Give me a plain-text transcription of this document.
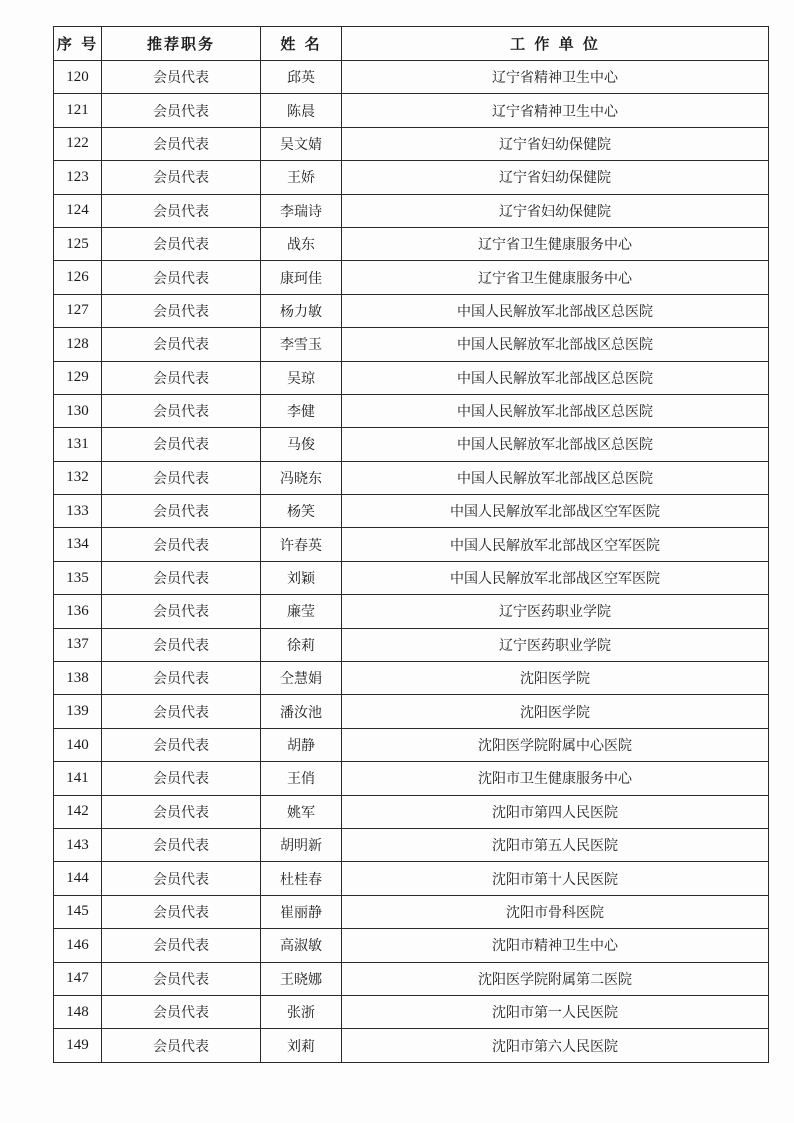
序 号	推荐职务	姓 名	工 作 单 位
120	会员代表	邱英	辽宁省精神卫生中心
121	会员代表	陈晨	辽宁省精神卫生中心
122	会员代表	吴文婧	辽宁省妇幼保健院
123	会员代表	王娇	辽宁省妇幼保健院
124	会员代表	李瑞诗	辽宁省妇幼保健院
125	会员代表	战东	辽宁省卫生健康服务中心
126	会员代表	康珂佳	辽宁省卫生健康服务中心
127	会员代表	杨力敏	中国人民解放军北部战区总医院
128	会员代表	李雪玉	中国人民解放军北部战区总医院
129	会员代表	吴琼	中国人民解放军北部战区总医院
130	会员代表	李健	中国人民解放军北部战区总医院
131	会员代表	马俊	中国人民解放军北部战区总医院
132	会员代表	冯晓东	中国人民解放军北部战区总医院
133	会员代表	杨笑	中国人民解放军北部战区空军医院
134	会员代表	许春英	中国人民解放军北部战区空军医院
135	会员代表	刘颖	中国人民解放军北部战区空军医院
136	会员代表	廉莹	辽宁医药职业学院
137	会员代表	徐莉	辽宁医药职业学院
138	会员代表	仝慧娟	沈阳医学院
139	会员代表	潘汝池	沈阳医学院
140	会员代表	胡静	沈阳医学院附属中心医院
141	会员代表	王俏	沈阳市卫生健康服务中心
142	会员代表	姚军	沈阳市第四人民医院
143	会员代表	胡明新	沈阳市第五人民医院
144	会员代表	杜桂春	沈阳市第十人民医院
145	会员代表	崔丽静	沈阳市骨科医院
146	会员代表	高淑敏	沈阳市精神卫生中心
147	会员代表	王晓娜	沈阳医学院附属第二医院
148	会员代表	张浙	沈阳市第一人民医院
149	会员代表	刘莉	沈阳市第六人民医院
